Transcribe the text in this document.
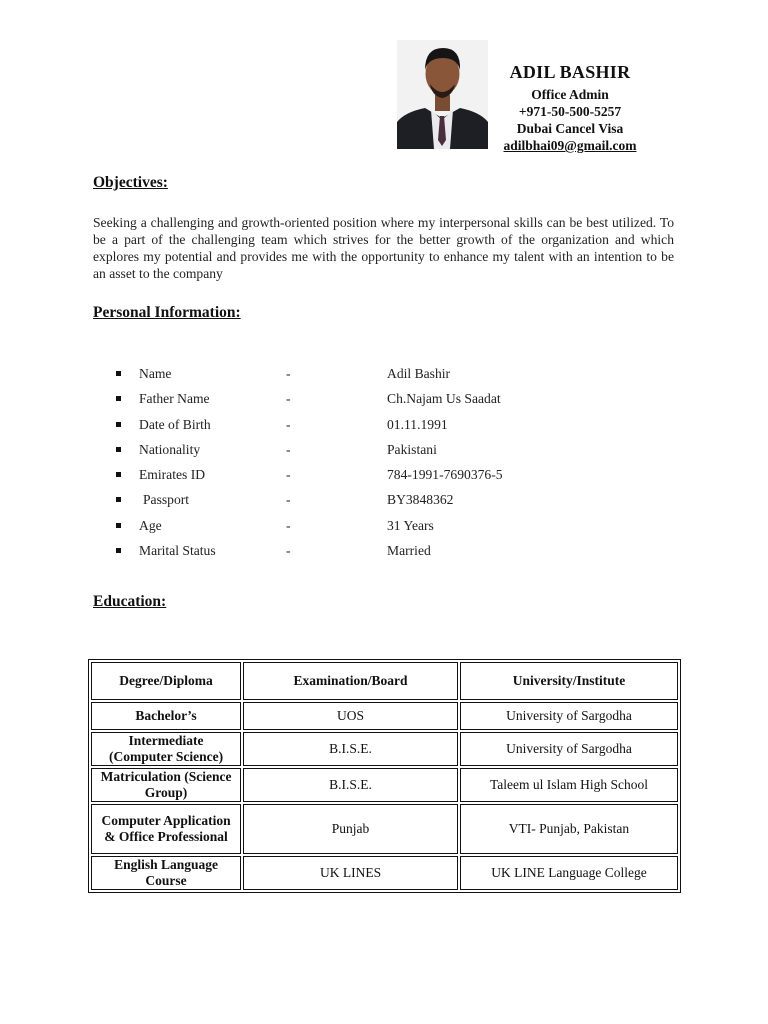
ADIL BASHIR
Office Admin
+971-50-500-5257
Dubai Cancel Visa
adilbhai09@gmail.com
Objectives:
Seeking a challenging and growth-oriented position where my interpersonal skills can be best utilized. To be a part of the challenging team which strives for the better growth of the organization and which explores my potential and provides me with the opportunity to enhance my talent with an intention to be an asset to the company
Personal Information:
Name	-	Adil Bashir
Father Name	-	Ch.Najam Us Saadat
Date of Birth	-	01.11.1991
Nationality	-	Pakistani
Emirates ID	-	784-1991-7690376-5
Passport	-	BY3848362
Age	-	31 Years
Marital Status	-	Married
Education:
Degree/Diploma	Examination/Board	University/Institute
Bachelor’s	UOS	University of Sargodha
Intermediate (Computer Science)	B.I.S.E.	University of Sargodha
Matriculation (Science Group)	B.I.S.E.	Taleem ul Islam High School
Computer Application & Office Professional	Punjab	VTI- Punjab, Pakistan
English Language Course	UK LINES	UK LINE Language College
